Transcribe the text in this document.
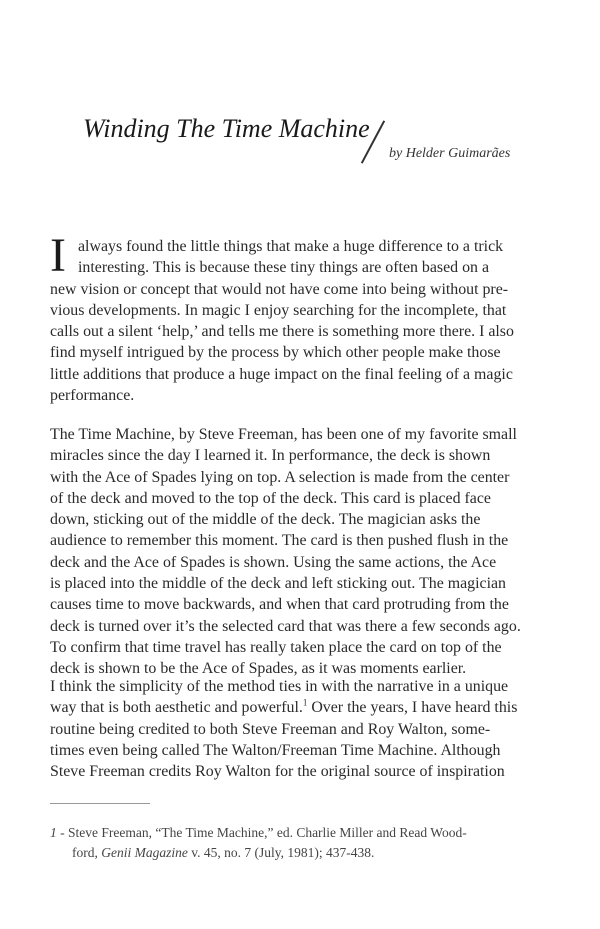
Winding The Time Machine
by Helder Guimarães
I always found the little things that make a huge difference to a trick
interesting. This is because these tiny things are often based on a
new vision or concept that would not have come into being without pre-
vious developments. In magic I enjoy searching for the incomplete, that
calls out a silent ‘help,’ and tells me there is something more there. I also
find myself intrigued by the process by which other people make those
little additions that produce a huge impact on the final feeling of a magic
performance.
The Time Machine, by Steve Freeman, has been one of my favorite small
miracles since the day I learned it. In performance, the deck is shown
with the Ace of Spades lying on top. A selection is made from the center
of the deck and moved to the top of the deck. This card is placed face
down, sticking out of the middle of the deck. The magician asks the
audience to remember this moment. The card is then pushed flush in the
deck and the Ace of Spades is shown. Using the same actions, the Ace
is placed into the middle of the deck and left sticking out. The magician
causes time to move backwards, and when that card protruding from the
deck is turned over it’s the selected card that was there a few seconds ago.
To confirm that time travel has really taken place the card on top of the
deck is shown to be the Ace of Spades, as it was moments earlier.
I think the simplicity of the method ties in with the narrative in a unique
way that is both aesthetic and powerful.$^1$ Over the years, I have heard this
routine being credited to both Steve Freeman and Roy Walton, some-
times even being called The Walton/Freeman Time Machine. Although
Steve Freeman credits Roy Walton for the original source of inspiration
1 - Steve Freeman, “The Time Machine,” ed. Charlie Miller and Read Wood-
ford, Genii Magazine v. 45, no. 7 (July, 1981); 437-438.
